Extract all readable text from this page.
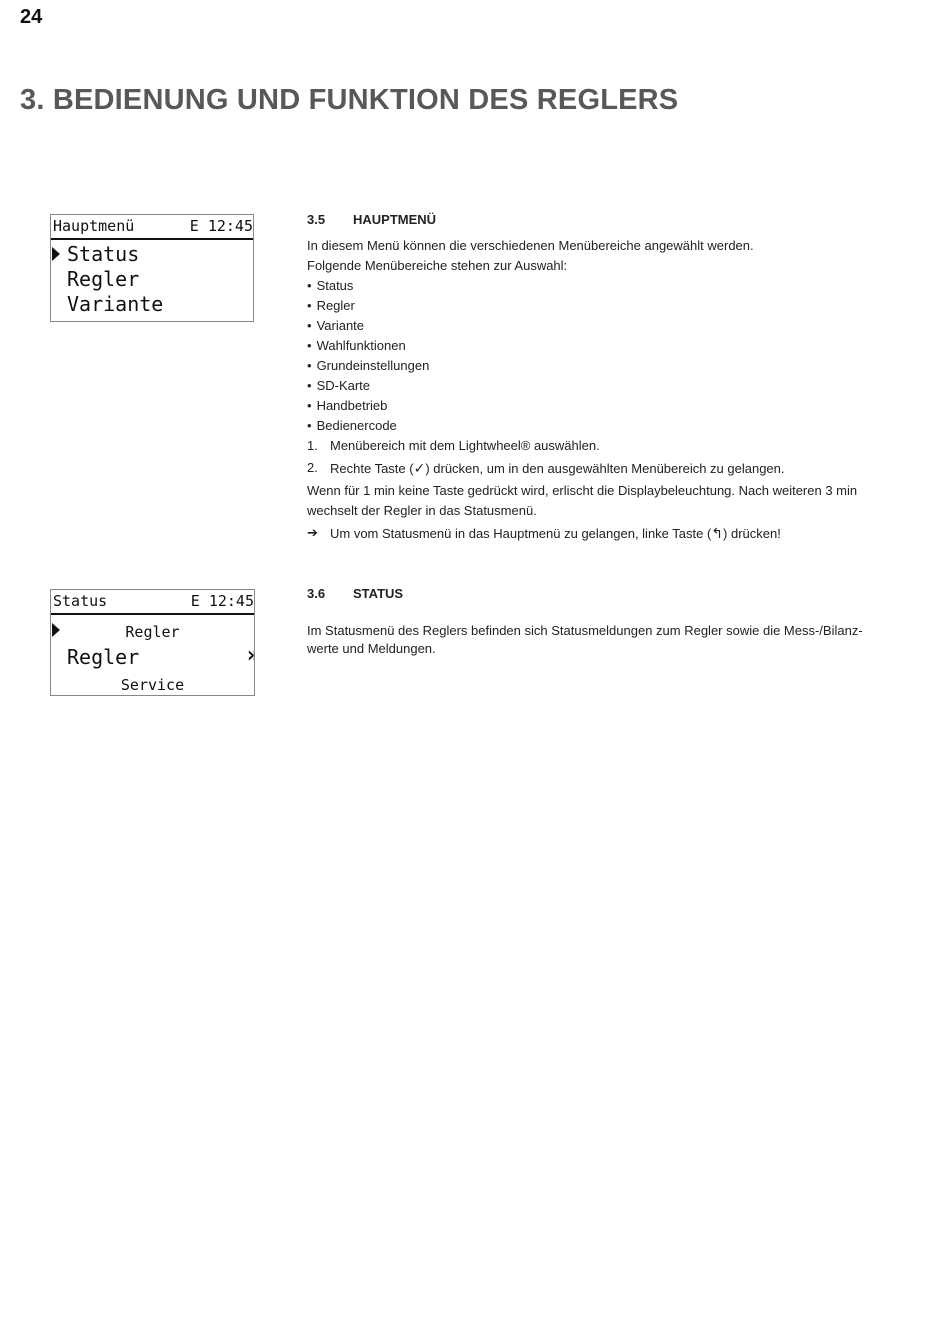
24
3. BEDIENUNG UND FUNKTION DES REGLERS
Hauptmenü	E 12:45
Status
Regler
Variante
Status	E 12:45
Regler
Regler	»
Service
3.5 HAUPTMENÜ

In diesem Menü können die verschiedenen Menübereiche angewählt werden.

Folgende Menübereiche stehen zur Auswahl:

• Status
• Regler
• Variante
• Wahlfunktionen
• Grundeinstellungen
• SD-Karte
• Handbetrieb
• Bedienercode
1. Menübereich mit dem Lightwheel® auswählen.
2. Rechte Taste (✓) drücken, um in den ausgewählten Menübereich zu gelangen.

Wenn für 1 min keine Taste gedrückt wird, erlischt die Displaybeleuchtung. Nach weiteren 3 min wechselt der Regler in das Statusmenü.

➔ Um vom Statusmenü in das Hauptmenü zu gelangen, linke Taste (↰) drücken!
3.6 STATUS

Im Statusmenü des Reglers befinden sich Statusmeldungen zum Regler sowie die Mess-/Bilanzwerte und Meldungen.
